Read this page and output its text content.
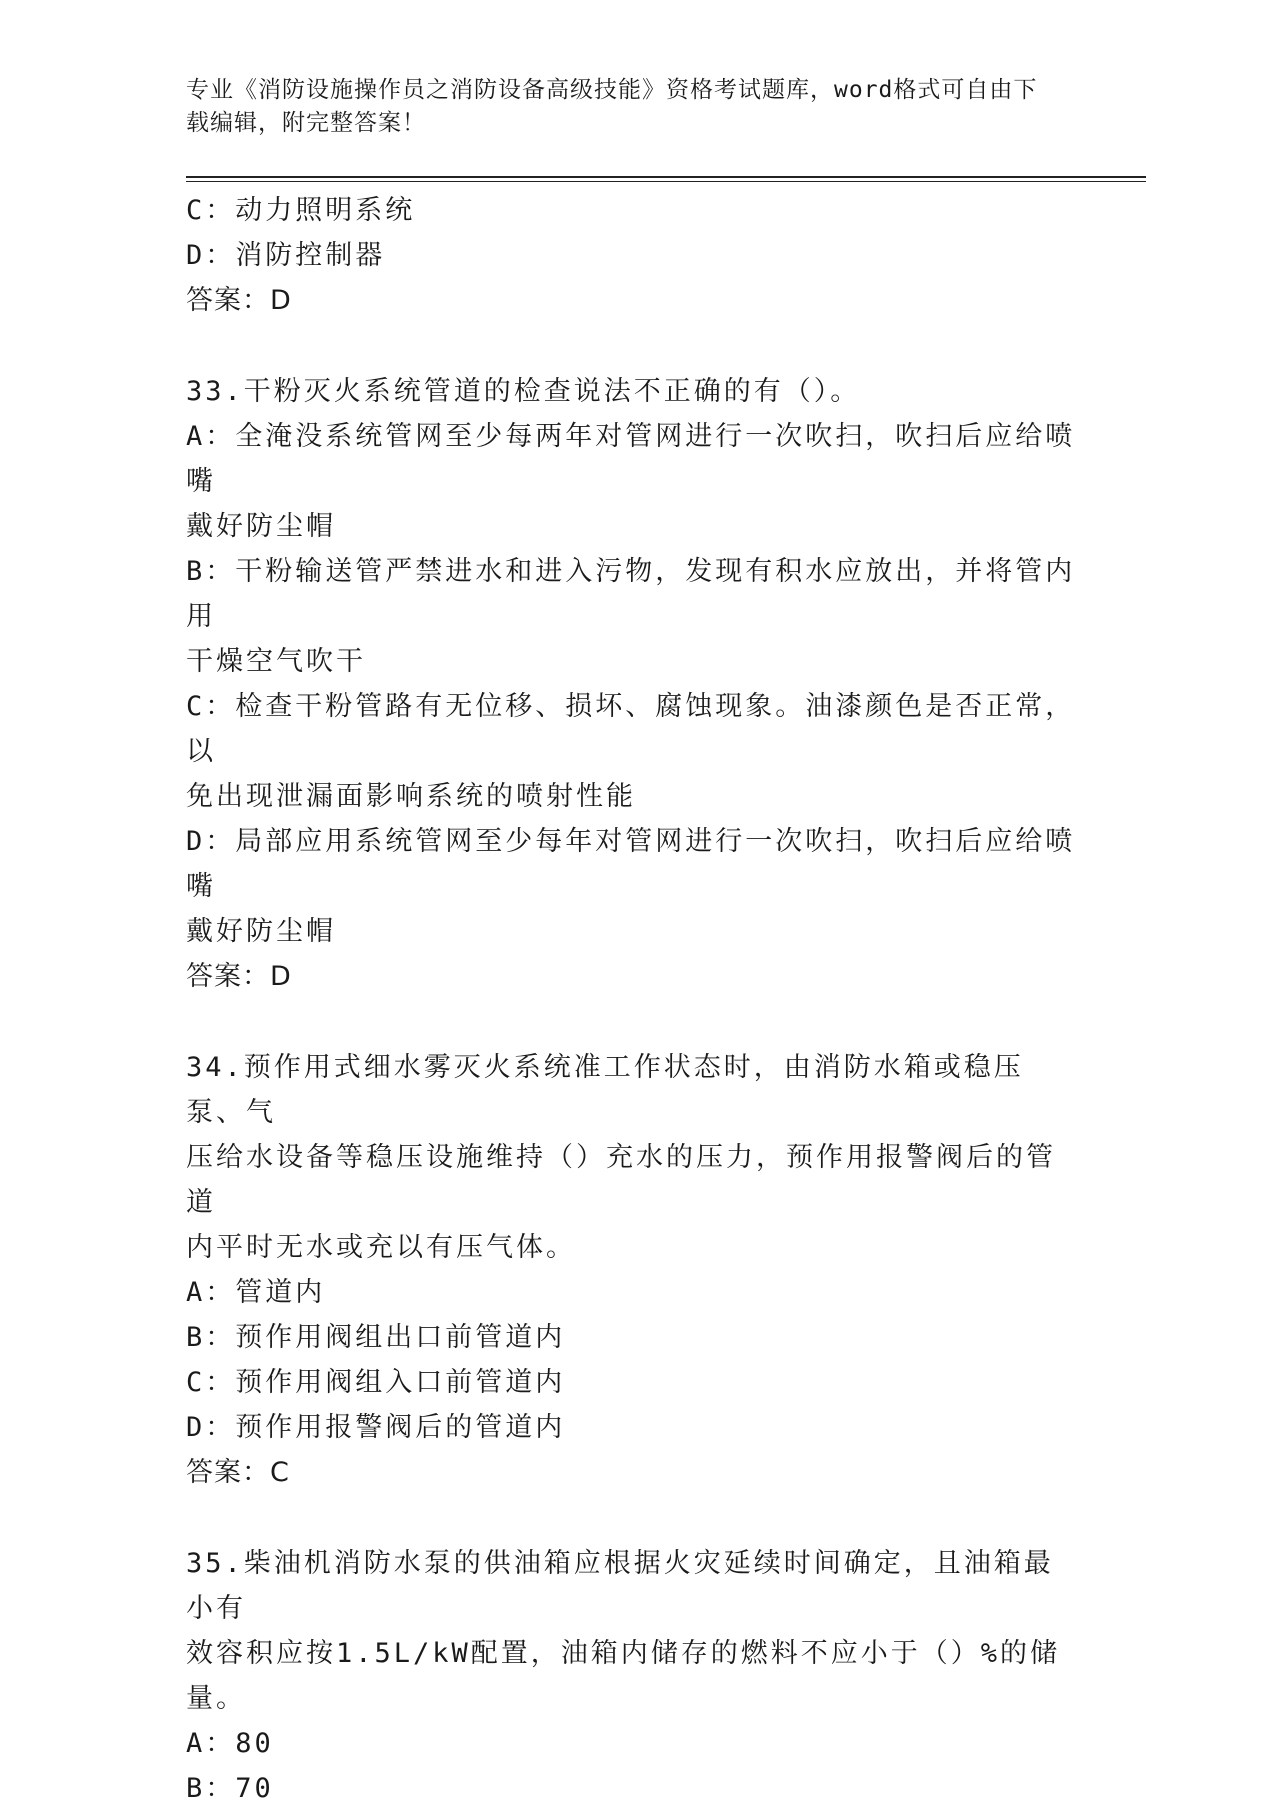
专业《消防设施操作员之消防设备高级技能》资格考试题库，word格式可自由下
载编辑，附完整答案！
C：动力照明系统
D：消防控制器
答案：D
33.干粉灭火系统管道的检查说法不正确的有（）。
A：全淹没系统管网至少每两年对管网进行一次吹扫，吹扫后应给喷嘴
戴好防尘帽
B：干粉输送管严禁进水和进入污物，发现有积水应放出，并将管内用
干燥空气吹干
C：检查干粉管路有无位移、损坏、腐蚀现象。油漆颜色是否正常，以
免出现泄漏面影响系统的喷射性能
D：局部应用系统管网至少每年对管网进行一次吹扫，吹扫后应给喷嘴
戴好防尘帽
答案：D
34.预作用式细水雾灭火系统准工作状态时，由消防水箱或稳压泵、气
压给水设备等稳压设施维持（）充水的压力，预作用报警阀后的管道
内平时无水或充以有压气体。
A：管道内
B：预作用阀组出口前管道内
C：预作用阀组入口前管道内
D：预作用报警阀后的管道内
答案：C
35.柴油机消防水泵的供油箱应根据火灾延续时间确定，且油箱最小有
效容积应按1.5L/kW配置，油箱内储存的燃料不应小于（）%的储量。
A：80
B：70
